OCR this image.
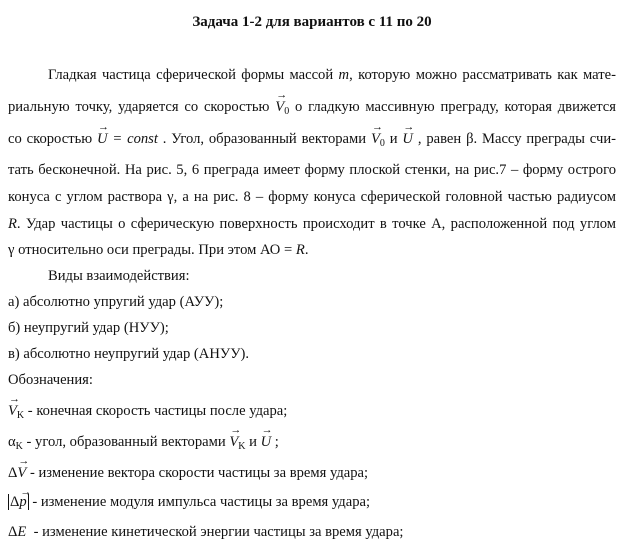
Задача 1-2 для вариантов с 11 по 20
Гладкая частица сферической формы массой m, которую можно рассматривать как мате-
риальную точку, ударяется со скоростью → $V_0$ о гладкую массивную преграду, которая движется
со скоростью → U = const . Угол, образованный векторами → $V_0$ и → U , равен β. Массу преграды счи-
тать бесконечной. На рис. 5, 6 преграда имеет форму плоской стенки, на рис.7 – форму острого
конуса с углом раствора γ, а на рис. 8 – форму конуса сферической головной частью радиусом
R. Удар частицы о сферическую поверхность происходит в точке А, расположенной под углом
γ относительно оси преграды. При этом АО = R.
Виды взаимодействия:
а) абсолютно упругий удар (АУУ);
б) неупругий удар (НУУ);
в) абсолютно неупругий удар (АНУУ).
Обозначения:
→ $V_K$ - конечная скорость частицы после удара;
$\alpha_K$ - угол, образованный векторами → $V_K$ и → U ;
Δ→ V - изменение вектора скорости частицы за время удара;
Δ→ p - изменение модуля импульса частицы за время удара;
ΔE  - изменение кинетической энергии частицы за время удара;
